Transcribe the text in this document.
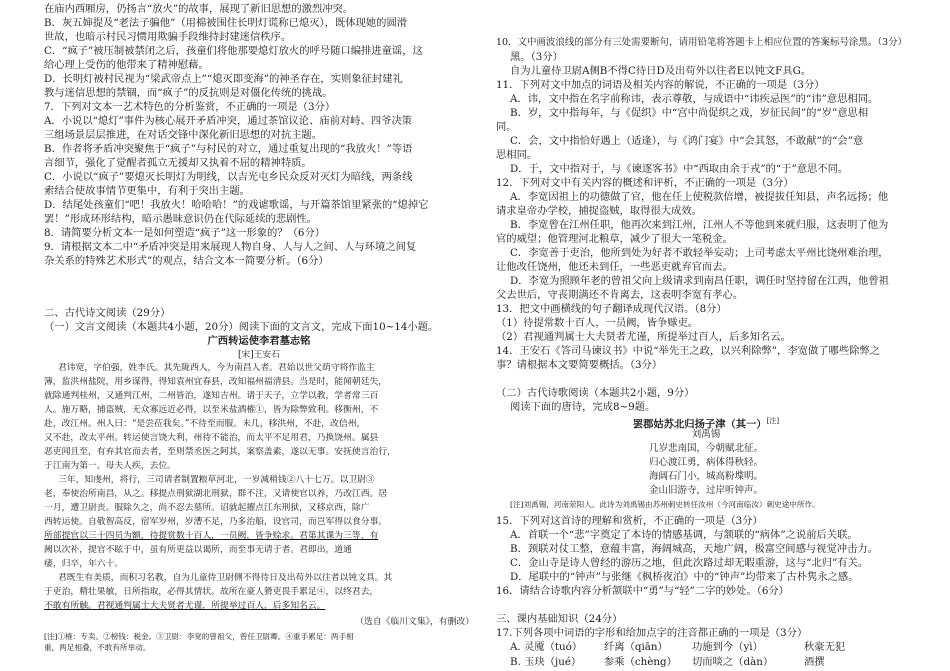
在庙内西厢房，仍扬言“放火”的故事，展现了新旧思想的激烈冲突。
B．灰五婶提及“老法子骗他”（用棉被围住长明灯谎称已熄灭），既体现她的圆滑
世故，也暗示村民习惯用欺骗手段维持封建迷信秩序。
C．“疯子”被压制被禁闭之后，孩童们将他那要熄灯放火的呼号随口编排进童谣，这
给心理上受伤的他带来了精神慰藉。
D．长明灯被村民视为“梁武帝点上”“熄灭即变海”的神圣存在，实则象征封建礼
教与迷信思想的禁锢，而“疯子”的反抗则是对僵化传统的挑战。
7．下列对文本一艺术特色的分析鉴赏，不正确的一项是（3分）
A．小说以“熄灯”事件为核心展开矛盾冲突，通过茶馆议论、庙前对峙、四爷决策
三组场景层层推进，在对话交锋中深化新旧思想的对抗主题。
B．作者将矛盾冲突聚焦于“疯子”与村民的对立，通过重复出现的“我放火！”等语
言细节，强化了觉醒者孤立无援却又执着不屈的精神特质。
C．小说以“疯子”要熄灭长明灯为明线，以吉光屯乡民众反对灭灯为暗线，两条线
索结合使故事情节更集中，有利于突出主题。
D．结尾处孩童们“吧！我放火！哈哈哈！”的戏谑歌谣，与开篇茶馆里紧张的“熄掉它
罢！”形成环形结构，暗示愚昧意识仍在代际延续的悲剧性。
8．请简要分析文本一是如何塑造“疯子”这一形象的？（6分）
9．请根据文本二中“矛盾冲突是用来展现人物自身、人与人之间、人与环境之间复
杂关系的特殊艺术形式”的观点，结合文本一简要分析。（6分）
二、古代诗文阅读（29分）
（一）文言文阅读（本题共4小题，20分）阅读下面的文言文，完成下面10~14小题。
广西转运使李君墓志铭
[宋]王安石
君讳宽，字伯强，姓李氏。其先陇西人，今为南昌人者。君始以世父荫守将作监主
簿，监洪州盐院，用乡谋得，得知袁州宜春县，改知福州福清县。当是时，能闻朝廷失，
就除通判桂州，又通判江州，二州皆治，遂知吉州。请于天子，立学以教，学者常三百
人。施万略，捕盗贼，无众寡远近必得，以至米盐酒榷①，皆为除弊致利。移衡州，不
赴，改江州。州人曰：“是尝莅我矣。”不待至而服。未几，移洪州，不赴，改信州，
又不赴，改太平州。转运使言饶大利，州待不能治，而太平不足用君，乃换饶州。属县
恶吏闻且至，有弃其官而去者，至则禁丞医之阿其，案察盖素，遂以无事。安抚使言治行，
于江南为第一。母夫人疾，去位。
三年，知虔州，将行，三司请者制置粮草河北，一岁减稍钱②八十七万。以卫尉③
老，奉使治所南昌，从之。移提点刑狱湖北刑狱，群不注，又请使官以养，乃改江西。居
一月，遭卫尉丧。服除久之，尚不忍去墓所。诏就起擢点江东刑狱，又移京西，除广
西转运使。自敬智高反，宿军岁州，岁漕不足，乃多治船，设官司，而岂军得以食分事。
所部提官以三十四员为额，待提赏数十百人，一员阙，皆争赊求。君第其课为三等，有
阙以次补，提官不眩于中，虽有所更益以谒所，而至事无请于者。君即出，道通
痿，归卒，年六十。
君既生有美质，而积习名教，自为儿童侍卫尉侧不得待日及出苟外以往者以钝文具。其
于吏治，精壮果敏，日所指取，必得其情状。故所在豪人猾吏畏手累足④，以终君去，
不敢有所触。君视通判属士大夫贤者尤谨，所提举过百人，后多知名云。
（选自《临川文集》，有删改）
[注]①榷：专卖。②榜钱：税金。③卫尉：李宽的曾祖父，曾任卫尉卿。④重手累足：两手相
重，两足相叠，不敢有所举动。
10．文中画波浪线的部分有三处需要断句，请用铅笔将答题卡上相应位置的答案标号涂黑。（3分）
黑。（3分）
自为儿童侍卫尉A侧B不得C待日D及出苟外以往者E以钝文F具G。
11．下列对文中加点的词语及相关内容的解说，不正确的一项是（3分）
A．讳，文中指在名字前称讳，表示尊敬，与成语中“讳疾忌医”的“讳”意思相同。
B．岁，文中指每年，与《促织》中“宫中尚促织之戏，岁征民间”的“岁”意思相
同。
C．会，文中指恰好遇上（适逢），与《鸿门宴》中“会其怒，不敢献”的“会”意
思相同。
D．于，文中指对于，与《谏逐客书》中“西取由余于戎”的“于”意思不同。
12．下列对文中有关内容的概述和评析，不正确的一项是（3分）
A．李宽因祖上的功德做了官，他在任上使税款倍增，被提拔任知县，声名远扬；他
请求皇帝办学校，捕捉盗贼，取得很大成效。
B．李宽曾在江州任职，他再次来到江州，江州人不等他到来就归服，这表明了他为
官的威望；他管理河北粮草，减少了很大一笔税金。
C．李宽善于吏治，他所到处为好者不敢轻举妄动；上司考虑太平州比饶州难治理，
让他改任饶州，他还未到任，一些恶吏就弃官而去。
D．李宽为照顾年老的曾祖父向上级请求到南昌任职，调任时坚持留在江西，他曾祖
父去世后，守丧期满还不肯离去，这表明李宽有孝心。
13．把文中画横线的句子翻译成现代汉语。（8分）
（1）待提常数十百人，一员阙，皆争赇吏。
（2）君视通判属士大夫贤者尤谨，所提举过百人，后多知名云。
14．王安石《答司马谏议书》中说“举先王之政，以兴利除弊”，李宽做了哪些除弊之
事？请根据本文要简要概括。（3分）
（二）古代诗歌阅读（本题共2小题，9分）
阅读下面的唐诗，完成8~9题。
罢郡姑苏北归扬子津（其一）[注]
刘禹锡
几岁悲南国，今朝赋北征。
归心渡江勇，病体得秋轻。
海阔石门小，城高粉堞明。
金山旧游寺，过岸听钟声。
[注]刘禹锡，河南荥阳人。此诗为刘禹锡由苏州刺史转任汝州（今河南临汝）刺史途中所作。
15．下列对这首诗的理解和赏析，不正确的一项是（3分）
A．首联一个“悲”字奠定了本诗的情感基调，与颔联的“病体”之说前后关联。
B．颈联对仗工整，意蕴丰富，海阔城高，天地广阔，极富空间感与视觉冲击力。
C．金山寺是诗人曾经的游历之地，但此次路过却无暇重游，这与“北归”有关。
D．尾联中的“钟声”与张继《枫桥夜泊》中的“钟声”均带来了古朴隽永之感。
16．请结合诗歌内容分析颔联中“勇”与“轻”二字的妙处。（6分）
三、课内基础知识（24分）
17.下列各项中词语的字形和给加点字的注音都正确的一项是（3分）
A. 灵魇（tuó） 纤离（qiān） 功施到今（yì）	秋豪无犯
B. 玉玦（jué） 参乘（chèng） 切而啖之（dàn）	酒撰
